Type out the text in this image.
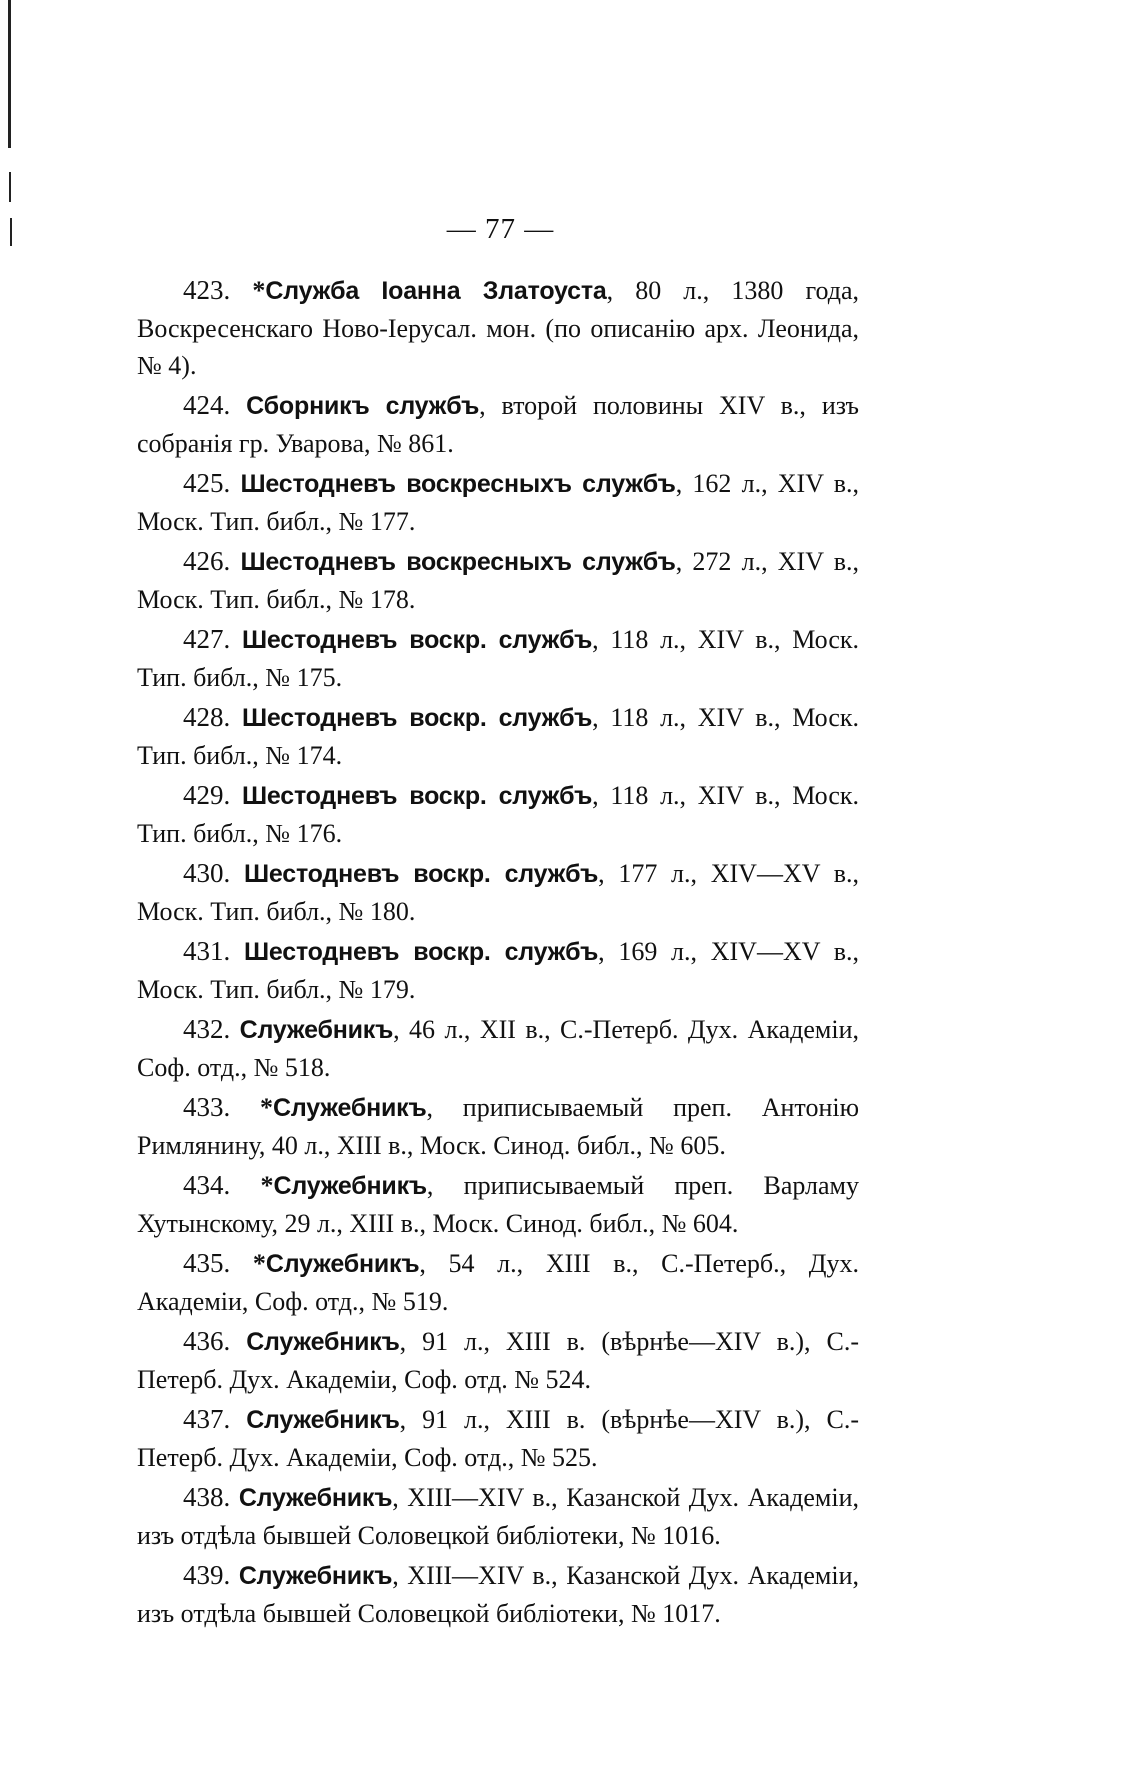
— 77 —

423. *Служба Іоанна Златоуста, 80 л., 1380 года, Воскресенскаго Ново-Іерусал. мон. (по описанію арх. Леонида, № 4).

424. Сборникъ службъ, второй половины XIV в., изъ собранія гр. Уварова, № 861.

425. Шестодневъ воскресныхъ службъ, 162 л., XIV в., Моск. Тип. библ., № 177.

426. Шестодневъ воскресныхъ службъ, 272 л., XIV в., Моск. Тип. библ., № 178.

427. Шестодневъ воскр. службъ, 118 л., XIV в., Моск. Тип. библ., № 175.

428. Шестодневъ воскр. службъ, 118 л., XIV в., Моск. Тип. библ., № 174.

429. Шестодневъ воскр. службъ, 118 л., XIV в., Моск. Тип. библ., № 176.

430. Шестодневъ воскр. службъ, 177 л., XIV—XV в., Моск. Тип. библ., № 180.

431. Шестодневъ воскр. службъ, 169 л., XIV—XV в., Моск. Тип. библ., № 179.

432. Служебникъ, 46 л., XII в., С.-Петерб. Дух. Академіи, Соф. отд., № 518.

433. *Служебникъ, приписываемый преп. Антонію Римлянину, 40 л., XIII в., Моск. Синод. библ., № 605.

434. *Служебникъ, приписываемый преп. Варламу Хутынскому, 29 л., XIII в., Моск. Синод. библ., № 604.

435. *Служебникъ, 54 л., XIII в., С.-Петерб., Дух. Академіи, Соф. отд., № 519.

436. Служебникъ, 91 л., XIII в. (вѣрнѣе—XIV в.), С.-Петерб. Дух. Академіи, Соф. отд. № 524.

437. Служебникъ, 91 л., XIII в. (вѣрнѣе—XIV в.), С.-Петерб. Дух. Академіи, Соф. отд., № 525.

438. Служебникъ, XIII—XIV в., Казанской Дух. Академіи, изъ отдѣла бывшей Соловецкой библіотеки, № 1016.

439. Служебникъ, XIII—XIV в., Казанской Дух. Академіи, изъ отдѣла бывшей Соловецкой библіотеки, № 1017.
